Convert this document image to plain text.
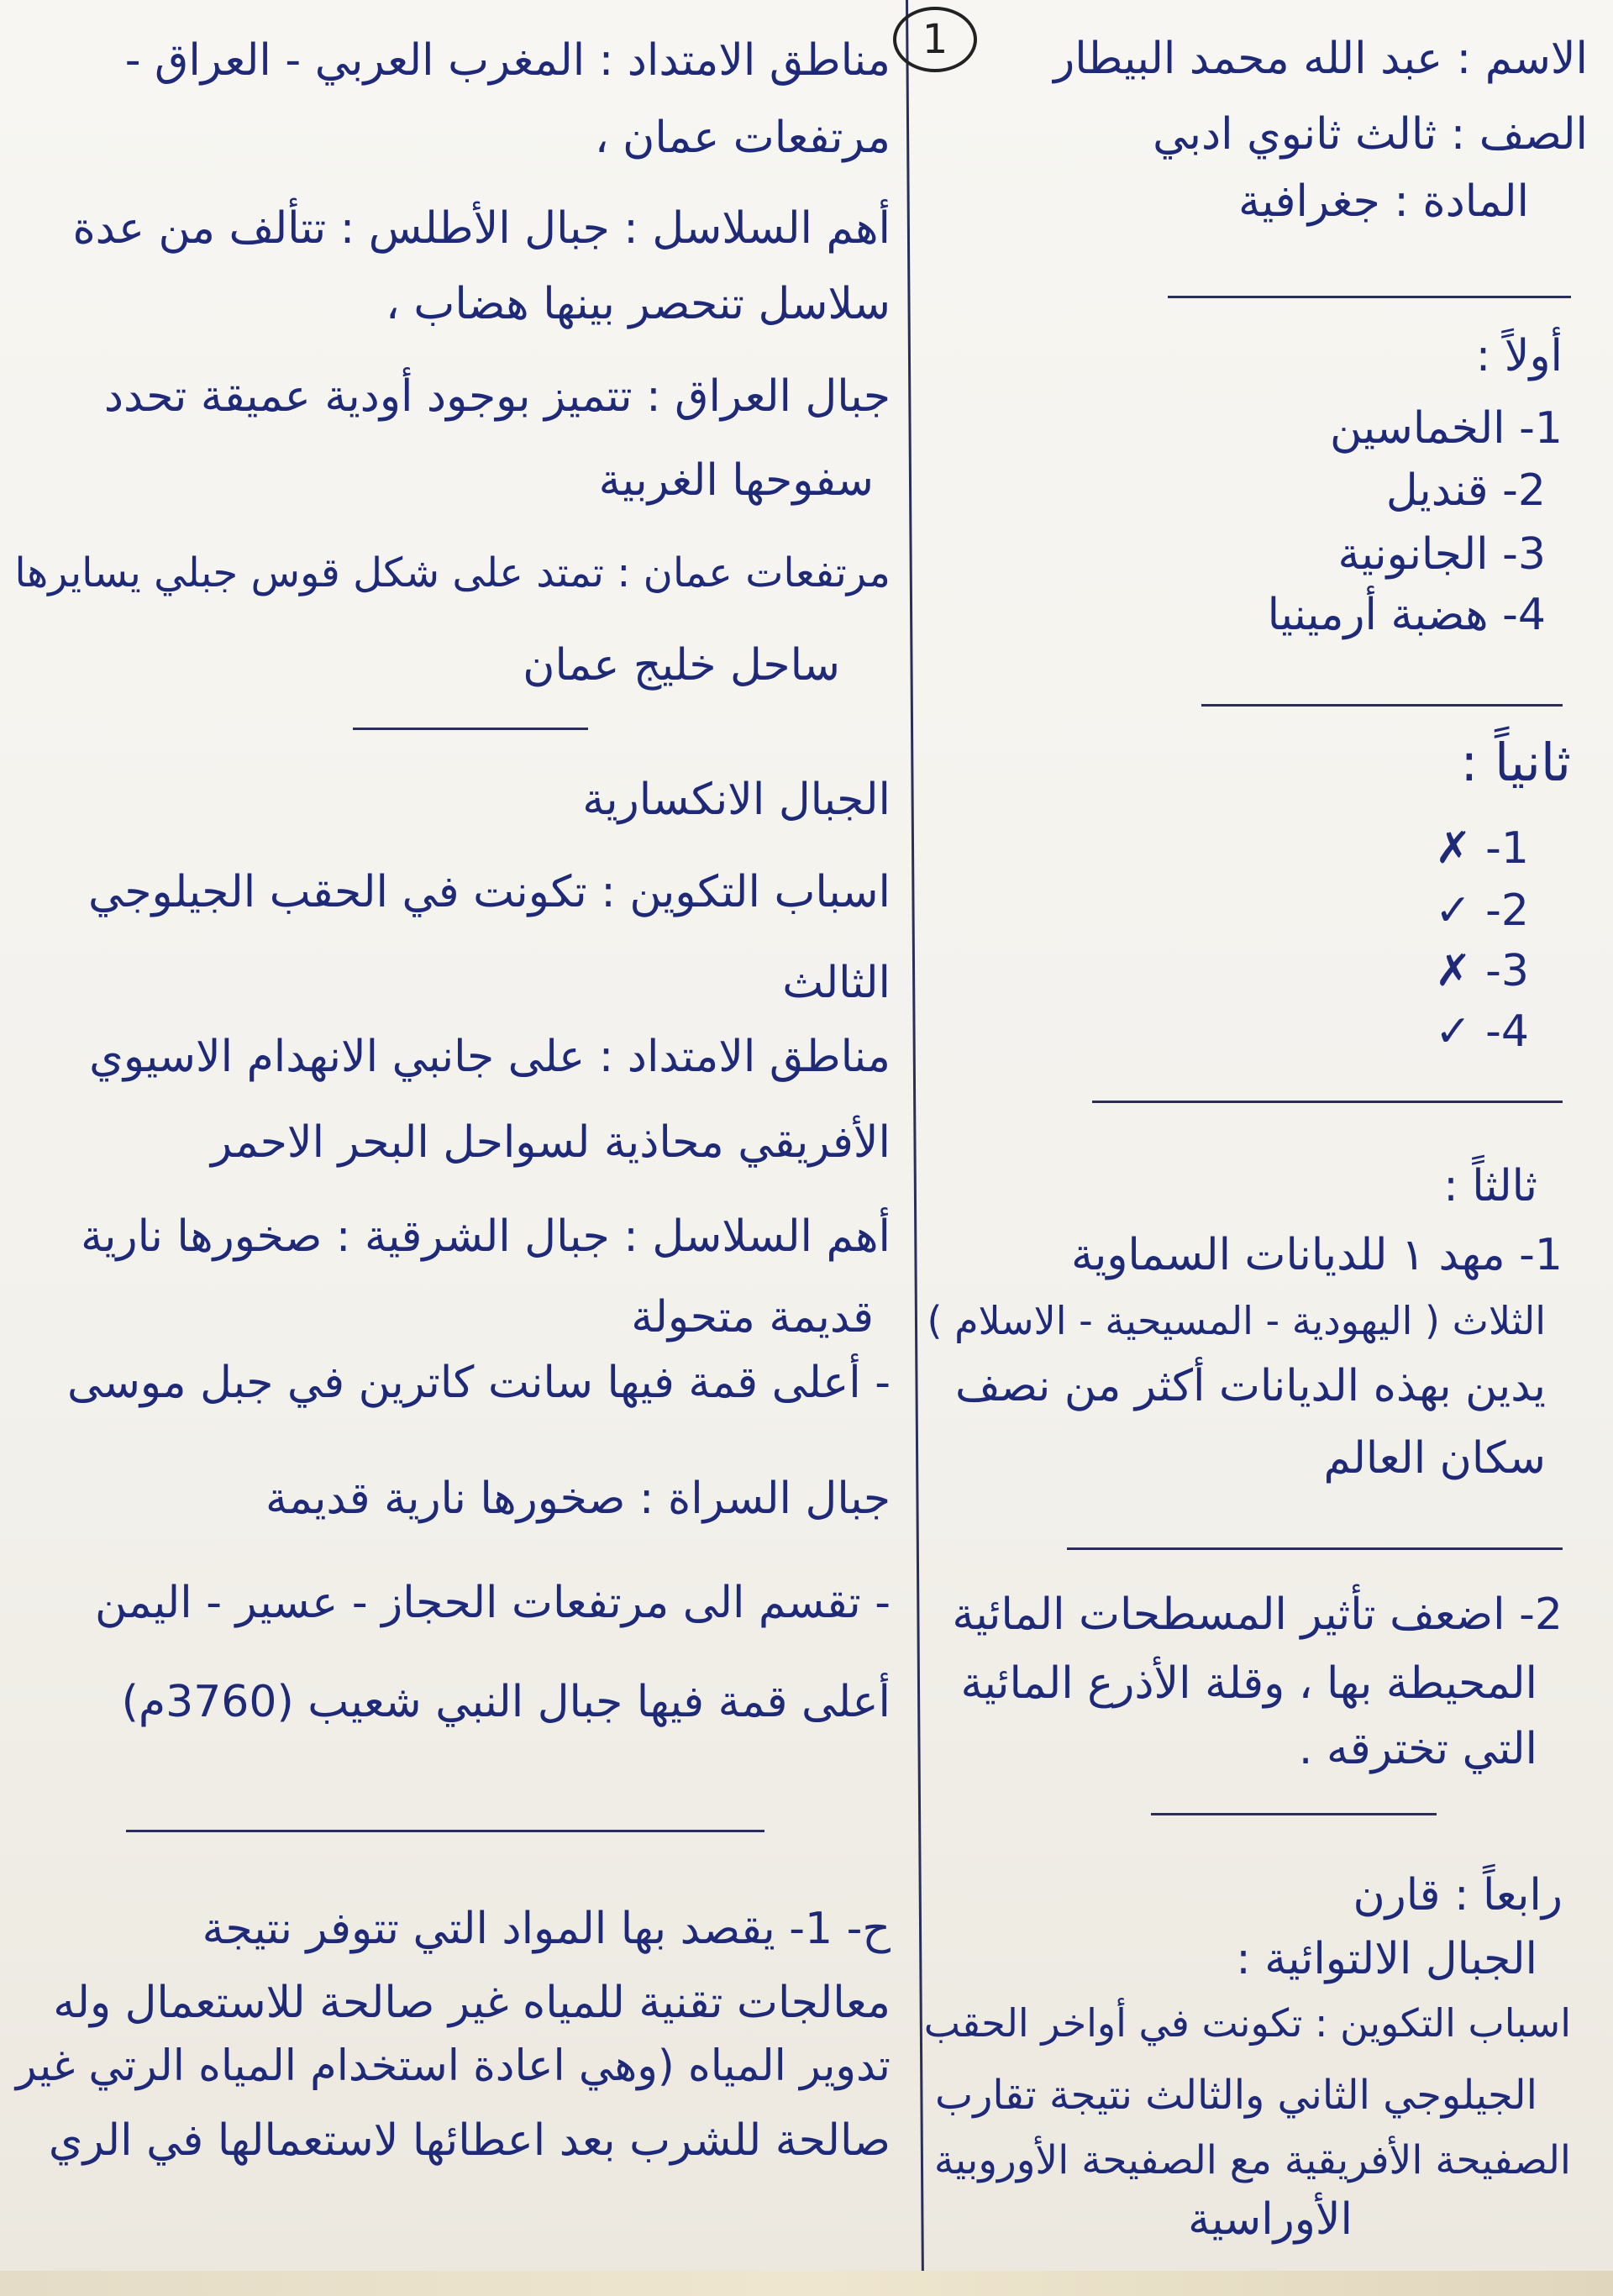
1	الاسم : عبد الله محمد البيطار
الصف : ثالث ثانوي ادبي
المادة : جغرافية
أولاً :
1- الخماسين
2- قنديل
3- الجانونية
4- هضبة أرمينيا
ثانياً :
1- ✗
2- ✓
3- ✗
4- ✓
ثالثاً :
1- مهد ١ للديانات السماوية
الثلاث ( اليهودية - المسيحية - الاسلام )
يدين بهذه الديانات أكثر من نصف
سكان العالم
2- اضعف تأثير المسطحات المائية
المحيطة بها ، وقلة الأذرع المائية
التي تخترقه .
رابعاً : قارن
الجبال الالتوائية :
اسباب التكوين : تكونت في أواخر الحقب
الجيلوجي الثاني والثالث نتيجة تقارب
الصفيحة الأفريقية مع الصفيحة الأوروبية
الأوراسية
مناطق الامتداد : المغرب العربي - العراق -
مرتفعات عمان ،
أهم السلاسل : جبال الأطلس : تتألف من عدة
سلاسل تنحصر بينها هضاب ،
جبال العراق : تتميز بوجود أودية عميقة تحدد
سفوحها الغربية
مرتفعات عمان : تمتد على شكل قوس جبلي يسايرها
ساحل خليج عمان
الجبال الانكسارية
اسباب التكوين : تكونت في الحقب الجيلوجي
الثالث
مناطق الامتداد : على جانبي الانهدام الاسيوي
الأفريقي محاذية لسواحل البحر الاحمر
أهم السلاسل : جبال الشرقية : صخورها نارية
قديمة متحولة
- أعلى قمة فيها سانت كاترين في جبل موسى
جبال السراة : صخورها نارية قديمة
- تقسم الى مرتفعات الحجاز - عسير - اليمن
أعلى قمة فيها جبال النبي شعيب (3760م)
ح- 1- يقصد بها المواد التي تتوفر نتيجة
معالجات تقنية للمياه غير صالحة للاستعمال وله
تدوير المياه (وهي اعادة استخدام المياه الرتي غير
صالحة للشرب بعد اعطائها لاستعمالها في الري
